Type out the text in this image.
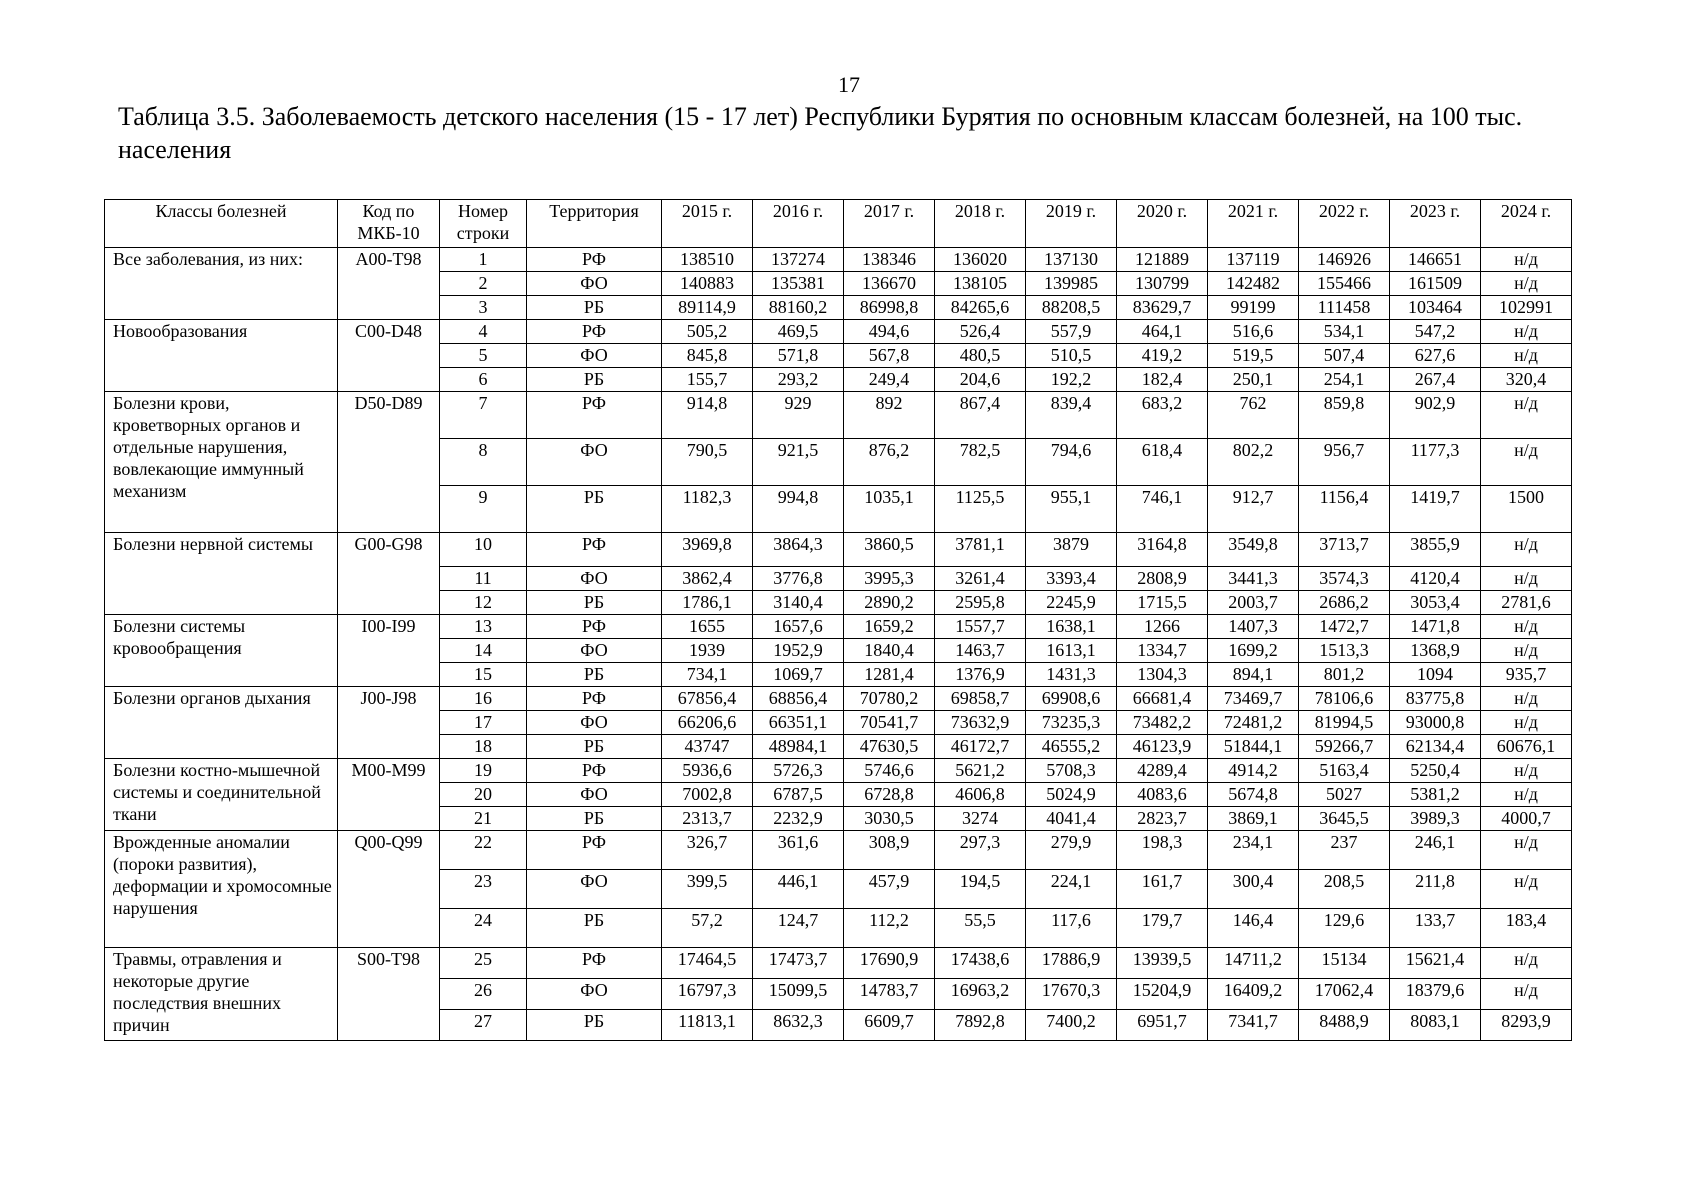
17
Таблица 3.5. Заболеваемость детского населения (15 - 17 лет) Республики Бурятия по основным классам болезней, на 100 тыс. населения
Классы болезней	Код по МКБ-10	Номер строки	Территория	2015 г.	2016 г.	2017 г.	2018 г.	2019 г.	2020 г.	2021 г.	2022 г.	2023 г.	2024 г.
Все заболевания, из них:	A00-T98	1	РФ	138510	137274	138346	136020	137130	121889	137119	146926	146651	н/д
		2	ФО	140883	135381	136670	138105	139985	130799	142482	155466	161509	н/д
		3	РБ	89114,9	88160,2	86998,8	84265,6	88208,5	83629,7	99199	111458	103464	102991
Новообразования	C00-D48	4	РФ	505,2	469,5	494,6	526,4	557,9	464,1	516,6	534,1	547,2	н/д
		5	ФО	845,8	571,8	567,8	480,5	510,5	419,2	519,5	507,4	627,6	н/д
		6	РБ	155,7	293,2	249,4	204,6	192,2	182,4	250,1	254,1	267,4	320,4
Болезни крови, кроветворных органов и отдельные нарушения, вовлекающие иммунный механизм	D50-D89	7	РФ	914,8	929	892	867,4	839,4	683,2	762	859,8	902,9	н/д
		8	ФО	790,5	921,5	876,2	782,5	794,6	618,4	802,2	956,7	1177,3	н/д
		9	РБ	1182,3	994,8	1035,1	1125,5	955,1	746,1	912,7	1156,4	1419,7	1500
Болезни нервной системы	G00-G98	10	РФ	3969,8	3864,3	3860,5	3781,1	3879	3164,8	3549,8	3713,7	3855,9	н/д
		11	ФО	3862,4	3776,8	3995,3	3261,4	3393,4	2808,9	3441,3	3574,3	4120,4	н/д
		12	РБ	1786,1	3140,4	2890,2	2595,8	2245,9	1715,5	2003,7	2686,2	3053,4	2781,6
Болезни системы кровообращения	I00-I99	13	РФ	1655	1657,6	1659,2	1557,7	1638,1	1266	1407,3	1472,7	1471,8	н/д
		14	ФО	1939	1952,9	1840,4	1463,7	1613,1	1334,7	1699,2	1513,3	1368,9	н/д
		15	РБ	734,1	1069,7	1281,4	1376,9	1431,3	1304,3	894,1	801,2	1094	935,7
Болезни органов дыхания	J00-J98	16	РФ	67856,4	68856,4	70780,2	69858,7	69908,6	66681,4	73469,7	78106,6	83775,8	н/д
		17	ФО	66206,6	66351,1	70541,7	73632,9	73235,3	73482,2	72481,2	81994,5	93000,8	н/д
		18	РБ	43747	48984,1	47630,5	46172,7	46555,2	46123,9	51844,1	59266,7	62134,4	60676,1
Болезни костно-мышечной системы и соединительной ткани	M00-M99	19	РФ	5936,6	5726,3	5746,6	5621,2	5708,3	4289,4	4914,2	5163,4	5250,4	н/д
		20	ФО	7002,8	6787,5	6728,8	4606,8	5024,9	4083,6	5674,8	5027	5381,2	н/д
		21	РБ	2313,7	2232,9	3030,5	3274	4041,4	2823,7	3869,1	3645,5	3989,3	4000,7
Врожденные аномалии (пороки развития), деформации и хромосомные нарушения	Q00-Q99	22	РФ	326,7	361,6	308,9	297,3	279,9	198,3	234,1	237	246,1	н/д
		23	ФО	399,5	446,1	457,9	194,5	224,1	161,7	300,4	208,5	211,8	н/д
		24	РБ	57,2	124,7	112,2	55,5	117,6	179,7	146,4	129,6	133,7	183,4
Травмы, отравления и некоторые другие последствия внешних причин	S00-T98	25	РФ	17464,5	17473,7	17690,9	17438,6	17886,9	13939,5	14711,2	15134	15621,4	н/д
		26	ФО	16797,3	15099,5	14783,7	16963,2	17670,3	15204,9	16409,2	17062,4	18379,6	н/д
		27	РБ	11813,1	8632,3	6609,7	7892,8	7400,2	6951,7	7341,7	8488,9	8083,1	8293,9
